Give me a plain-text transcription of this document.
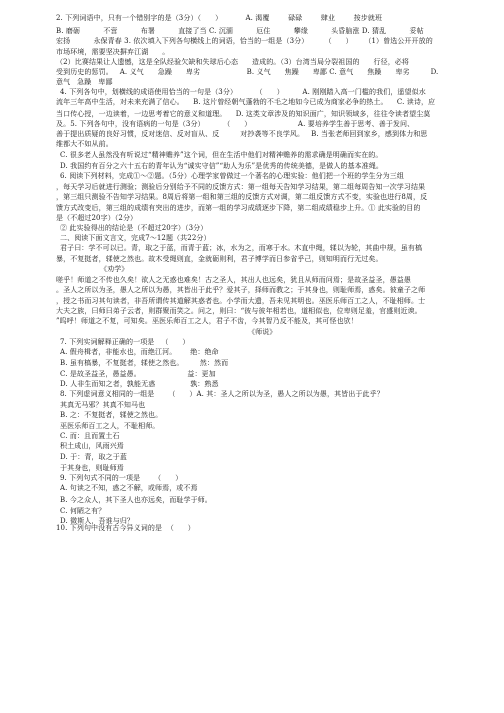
2. 下列词语中，只有一个错别字的是（3分）（      ）          A. 渴覆        碌碌        肆业        按步就班
B. 磨砺          不啻          布署          直接了当 C. 沉湎          厄住          攀缘          头昏脑涨 D. 猜乱          妥帖
宏扬          永保青春 3. 依次填入下列各句横线上的词语，恰当的一组是（3分）       （      ）     （1）曾选公开开放的
市场环境，需要坚决摒弃江湖      。
（2）比赛结果让人遗憾，这是全队经验欠缺和失球后心态      造成的。（3）台湾当局分裂祖国的      行径，必将
受到历史的惩罚。   A. 义气      急躁      卑劣                    B. 义气      焦躁      卑鄙 C. 意气      焦躁      卑劣         D.
意气   急躁   卑鄙
4. 下列各句中，划横线的成语使用恰当的一句是（3分）        （      ）        A. 刚刚踏入高一门槛的我们，遥望似水
流年三年高中生活，对未来充满了信心。    B. 这片曾经朝气蓬勃的不毛之地如今已成为商家必争的热土。    C. 读诗，应
当口传心授，一边读着，一边思考着它的意义和道理。    D. 这类文章涉及的知识面广，知识领域多，往往令读者望尘莫
及。5. 下列各句中，没有语病的一句是（3分）        （      ）                    A. 要培养学生善于思考、善于发问、
善于提出质疑的良好习惯，反对迷信、反对盲从、反         对抄袭等不良学风。   B. 当张老师回到家乡，感到体力和思
维都大不如从前。
C. 很多老人虽然没有听说过“精神赡养”这个词，但在生活中他们对精神赡养的需求确是明确而实在的。
D. 我国约有百分之六十五右的青年认为“诚实守信”“助人为乐”是优秀的传统美德，是做人的基本准绳。
6. 阅读下列材料，完成①～②题。（5分）心理学家曾做过一个著名的心理实验：他们把一个班的学生分为三组
，每天学习后就进行测验；测验后分别给予不同的反馈方式：第一组每天告知学习结果，第二组每周告知一次学习结果
，第三组只测验不告知学习结果。8周后将第一组和第三组的反馈方式对调，第二组反馈方式不变，实验也进行8周，反
馈方式改变后，第三组的成绩有突出的进步，而第一组的学习成绩逐步下降，第二组成绩稳步上升。① 此实验的目的
是（不超过20字）（2分）
② 此实验得出的结论是（不超过20字）（3分）
二、阅读下面文言文，完成7～12题（共22分）
君子曰：学不可以已。青，取之于蓝，而青于蓝；冰，水为之，而寒于水。木直中绳，𫐓以为轮，其曲中规，虽有槁
暴，不复挺者，𫐓使之然也。故木受绳则直，金就砺则利，君子博学而日参省乎己，则知明而行无过矣。
《劝学》
嗟乎！师道之不传也久矣！欲人之无惑也难矣！古之圣人，其出人也远矣，犹且从师而问焉；是故圣益圣，愚益愚
。圣人之所以为圣，愚人之所以为愚，其皆出于此乎？爱其子，择师而教之；于其身也，则耻师焉，惑矣。彼童子之师
，授之书而习其句读者，非吾所谓传其道解其惑者也。小学而大遗，吾未见其明也。巫医乐师百工之人，不耻相师。士
大夫之族，曰师曰弟子云者，则群聚而笑之。问之，则曰：“彼与彼年相若也，道相似也，位卑则足羞，官盛则近谀。
”呜呼！师道之不复，可知矣。巫医乐师百工之人，君子不齿，今其智乃反不能及，其可怪也欤！
《师说》
7. 下列实词解释正确的一项是   （      ）
A. 假舟楫者，非能水也，而绝江河。      绝：绝命
B. 虽有槁暴，不复挺者，𫐓使之然也。       然：然而
C. 是故圣益圣，愚益愚。                    益：更加
D. 人非生而知之者，孰能无惑               孰：熟悉
8. 下列虚词意义相同的一组是      （      ）A. 其：圣人之所以为圣，愚人之所以为愚，其皆出于此乎？
其真无马邪？其真不知马也
B. 之：不复挺者，𫐓使之然也。
巫医乐师百工之人，不耻相师。
C. 而：且而置土石
积土成山，风雨兴焉
D. 于：青，取之于蓝
于其身也，则耻师焉
9. 下列句式不同的一项是      （      ）
A. 句读之不知，惑之不解，或师焉，或不焉
B. 今之众人，其下圣人也亦远矣，而耻学于师。
C. 何陋之有？
D. 微斯人，吾谁与归？
10. 下列句中没有古今异义词的是  （      ）
